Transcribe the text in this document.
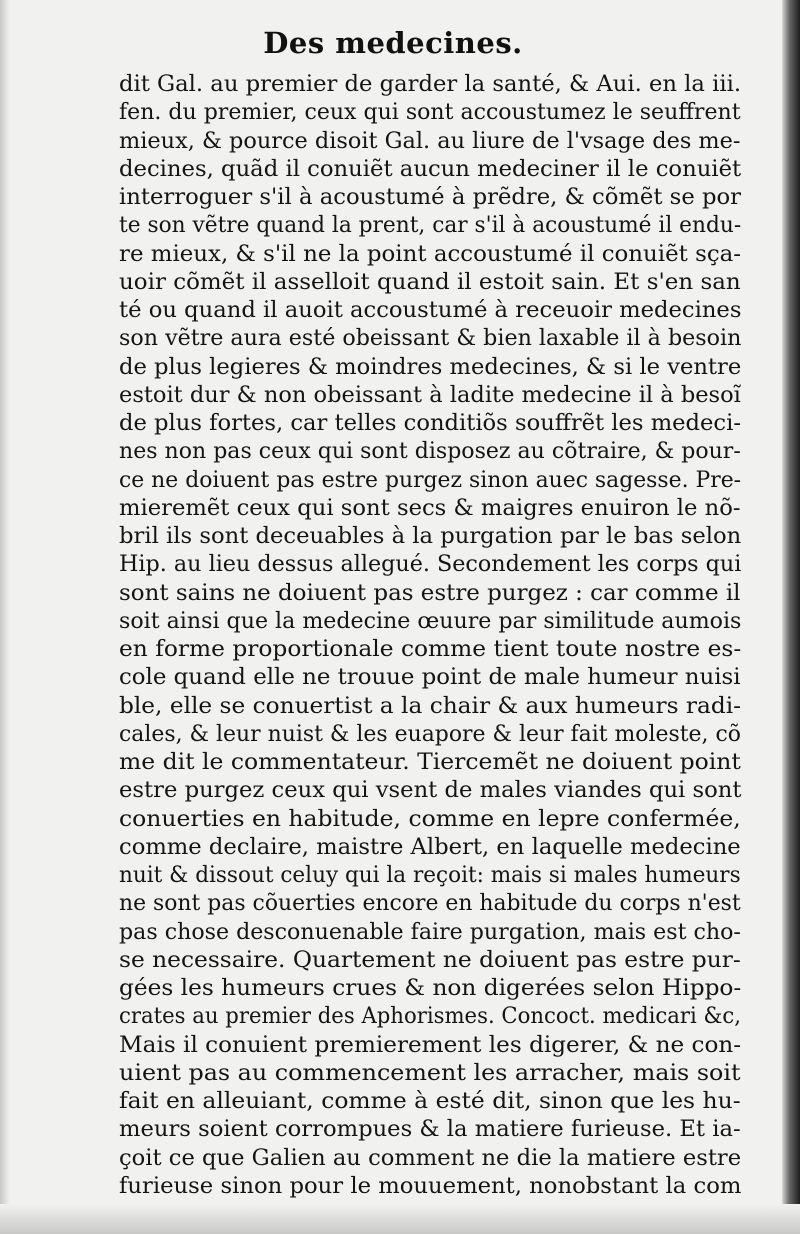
Des medecines.
dit Gal. au premier de garder la santé, & Aui. en la iii.
fen. du premier, ceux qui sont accoustumez le seuffrent
mieux, & pource disoit Gal. au liure de l'vsage des me-
decines, quãd il conuiẽt aucun medeciner il le conuiẽt
interroguer s'il à acoustumé à prẽdre, & cõmẽt se por
te son vẽtre quand la prent, car s'il à acoustumé il endu-
re mieux, & s'il ne la point accoustumé il conuiẽt sça-
uoir cõmẽt il asselloit quand il estoit sain. Et s'en san
té ou quand il auoit accoustumé à receuoir medecines
son vẽtre aura esté obeissant & bien laxable il à besoin
de plus legieres & moindres medecines, & si le ventre
estoit dur & non obeissant à ladite medecine il à besoĩ
de plus fortes, car telles conditiõs souffrẽt les medeci-
nes non pas ceux qui sont disposez au cõtraire, & pour-
ce ne doiuent pas estre purgez sinon auec sagesse. Pre-
mieremẽt ceux qui sont secs & maigres enuiron le nõ-
bril ils sont deceuables à la purgation par le bas selon
Hip. au lieu dessus allegué. Secondement les corps qui
sont sains ne doiuent pas estre purgez : car comme il
soit ainsi que la medecine œuure par similitude aumois
en forme proportionale comme tient toute nostre es-
cole quand elle ne trouue point de male humeur nuisi
ble, elle se conuertist a la chair & aux humeurs radi-
cales, & leur nuist & les euapore & leur fait moleste, cõ
me dit le commentateur. Tiercemẽt ne doiuent point
estre purgez ceux qui vsent de males viandes qui sont
conuerties en habitude, comme en lepre confermée,
comme declaire, maistre Albert, en laquelle medecine
nuit & dissout celuy qui la reçoit: mais si males humeurs
ne sont pas cõuerties encore en habitude du corps n'est
pas chose desconuenable faire purgation, mais est cho-
se necessaire. Quartement ne doiuent pas estre pur-
gées les humeurs crues & non digerées selon Hippo-
crates au premier des Aphorismes. Concoct. medicari &c,
Mais il conuient premierement les digerer, & ne con-
uient pas au commencement les arracher, mais soit
fait en alleuiant, comme à esté dit, sinon que les hu-
meurs soient corrompues & la matiere furieuse. Et ia-
çoit ce que Galien au comment ne die la matiere estre
furieuse sinon pour le mouuement, nonobstant la com
